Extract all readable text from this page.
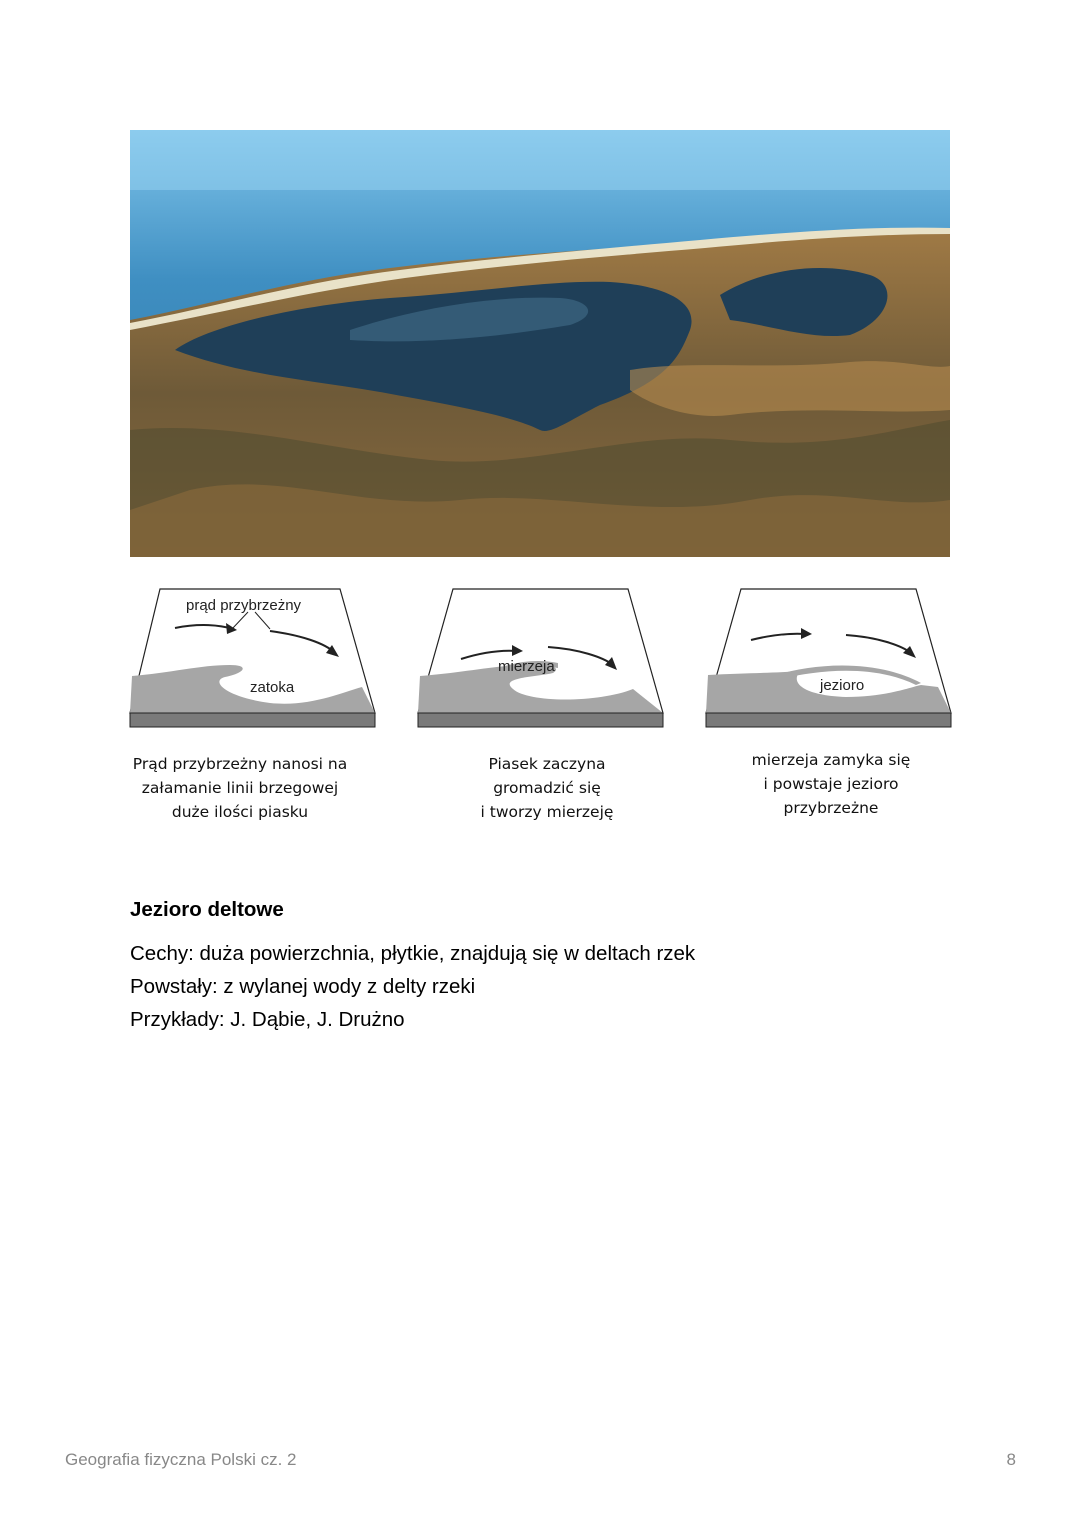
prąd przybrzeżny
zatoka
mierzeja
jezioro
Prąd przybrzeżny nanosi na
załamanie linii brzegowej
duże ilości piasku
Piasek zaczyna
gromadzić się
i tworzy mierzeję
mierzeja zamyka się
i powstaje jezioro
przybrzeżne
Jezioro deltowe
Cechy: duża powierzchnia, płytkie, znajdują się w deltach rzek
Powstały: z wylanej wody z delty rzeki
Przykłady: J. Dąbie, J. Drużno
Geografia fizyczna Polski cz. 2	8
